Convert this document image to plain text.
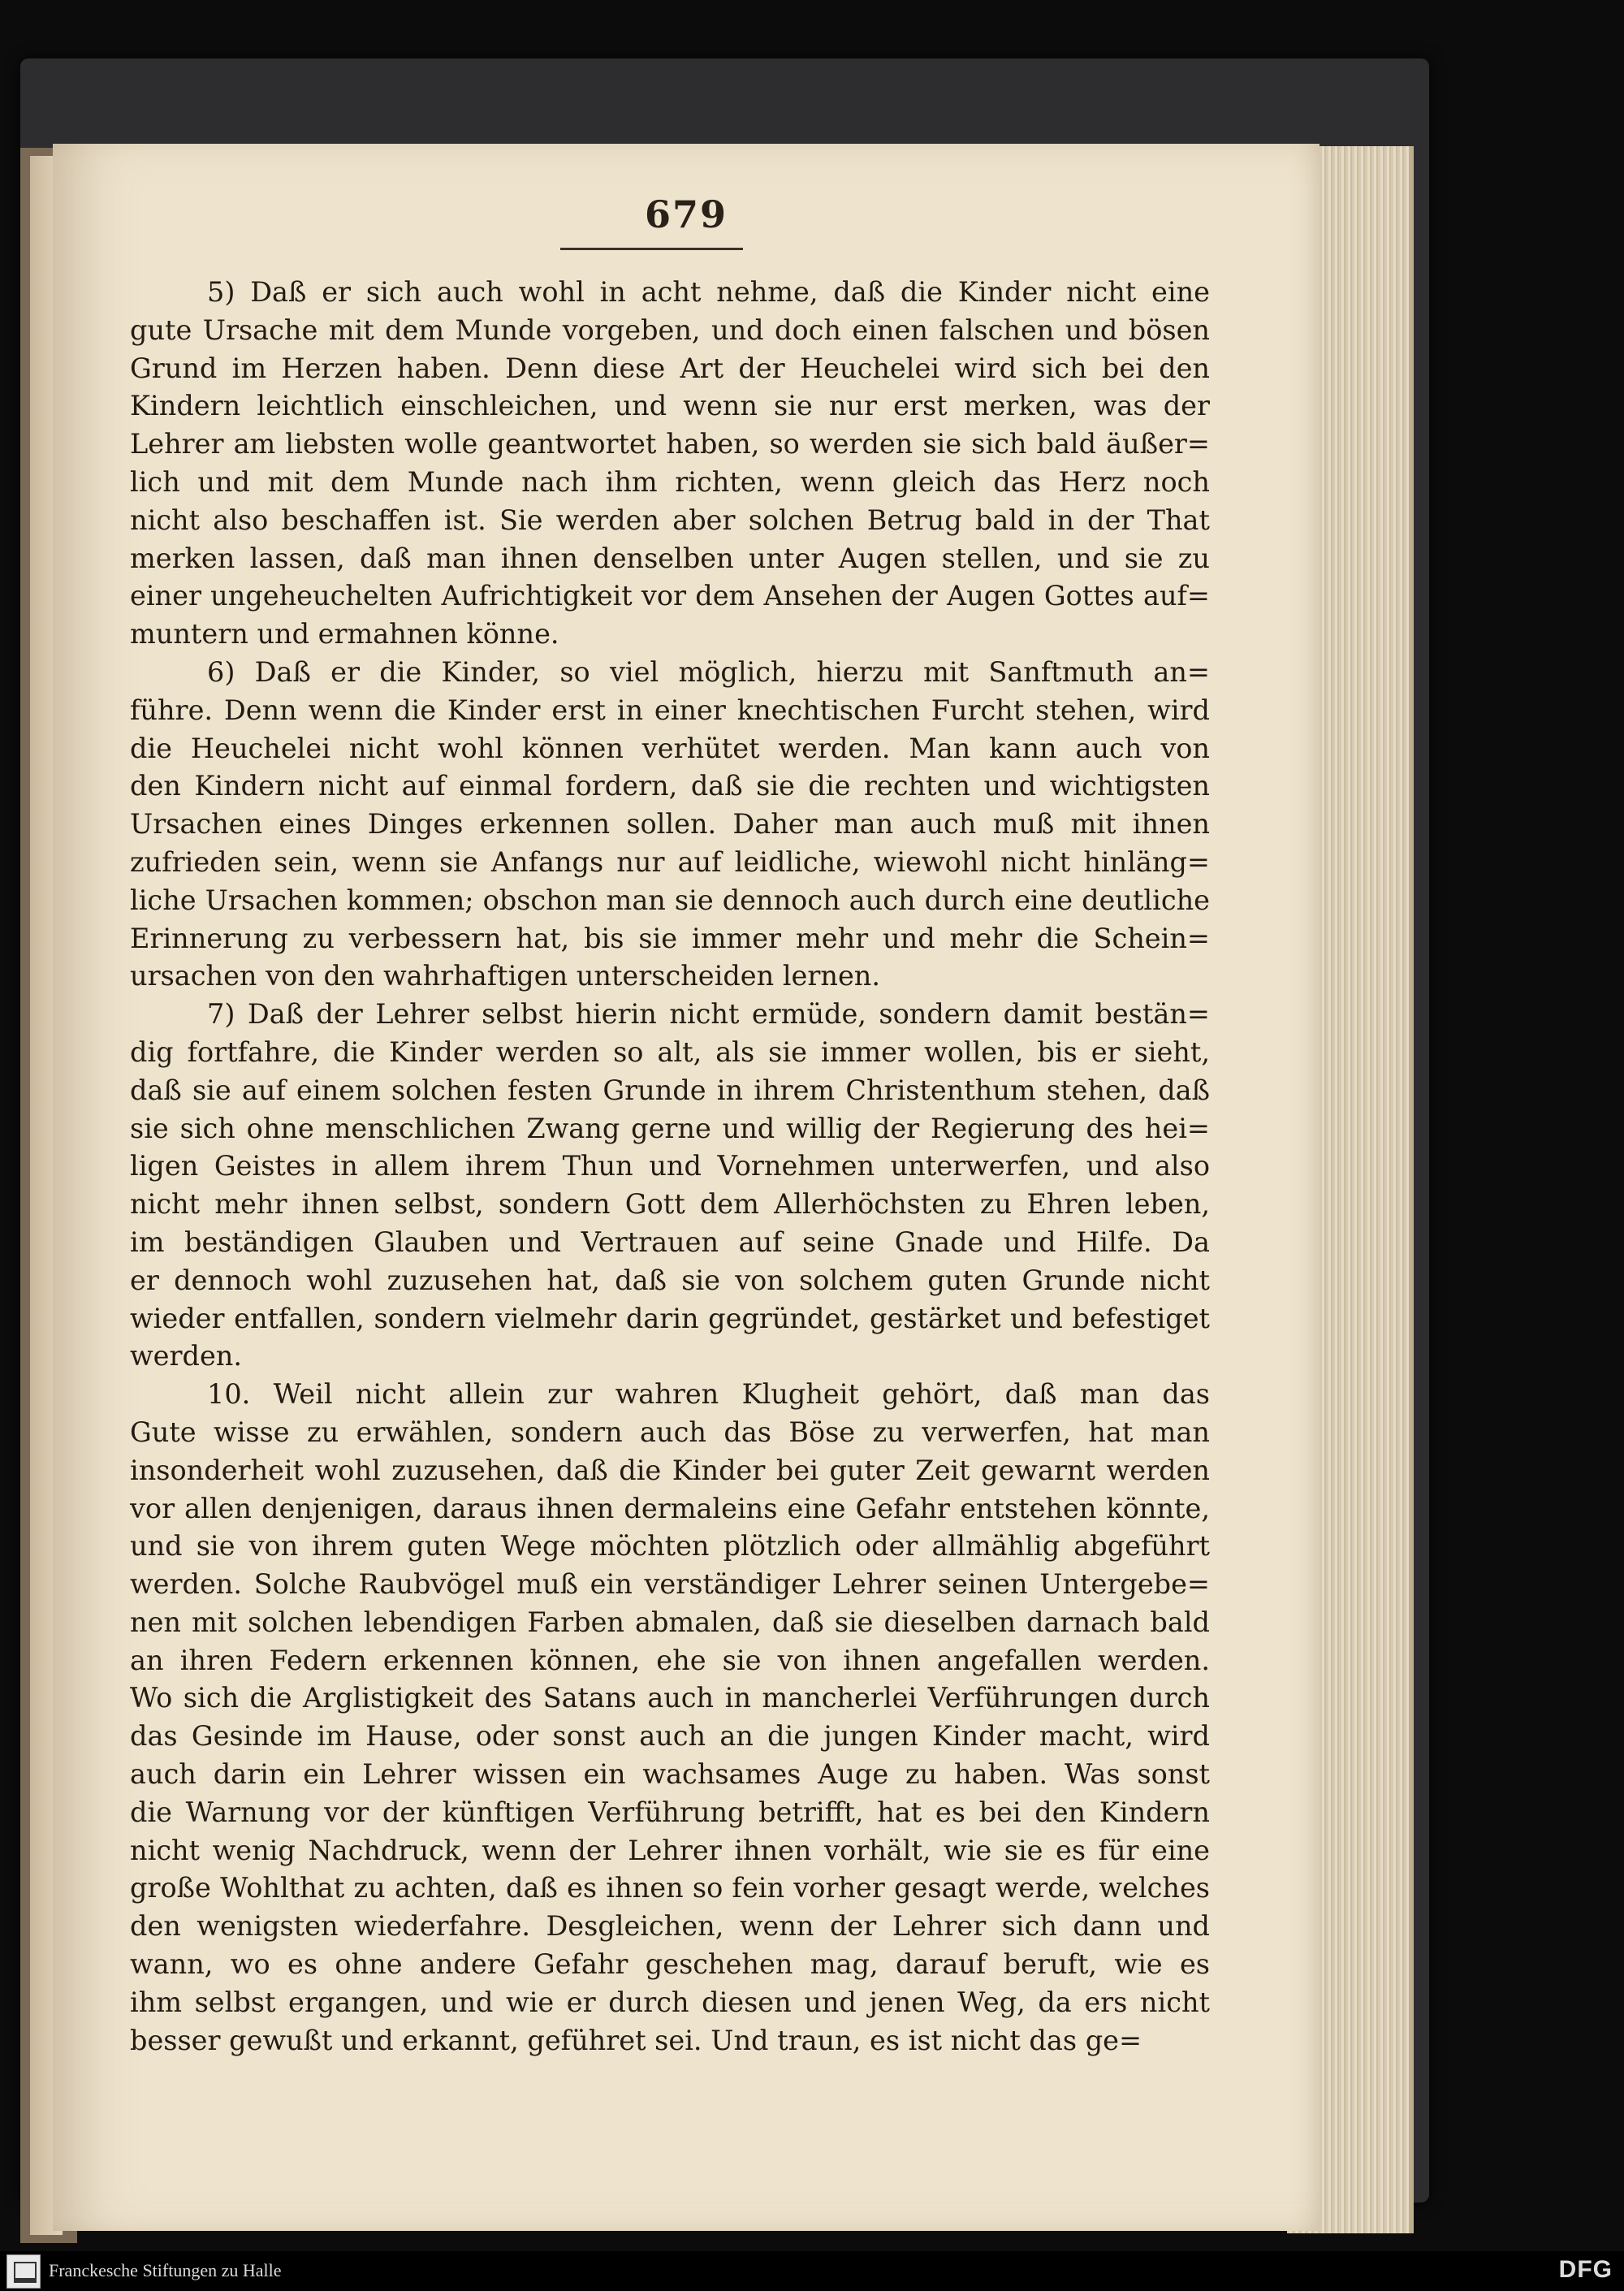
679
5) Daß er sich auch wohl in acht nehme, daß die Kinder nicht eine
gute Ursache mit dem Munde vorgeben, und doch einen falschen und bösen
Grund im Herzen haben. Denn diese Art der Heuchelei wird sich bei den
Kindern leichtlich einschleichen, und wenn sie nur erst merken, was der
Lehrer am liebsten wolle geantwortet haben, so werden sie sich bald äußer=
lich und mit dem Munde nach ihm richten, wenn gleich das Herz noch
nicht also beschaffen ist. Sie werden aber solchen Betrug bald in der That
merken lassen, daß man ihnen denselben unter Augen stellen, und sie zu
einer ungeheuchelten Aufrichtigkeit vor dem Ansehen der Augen Gottes auf=
muntern und ermahnen könne.
6) Daß er die Kinder, so viel möglich, hierzu mit Sanftmuth an=
führe. Denn wenn die Kinder erst in einer knechtischen Furcht stehen, wird
die Heuchelei nicht wohl können verhütet werden. Man kann auch von
den Kindern nicht auf einmal fordern, daß sie die rechten und wichtigsten
Ursachen eines Dinges erkennen sollen. Daher man auch muß mit ihnen
zufrieden sein, wenn sie Anfangs nur auf leidliche, wiewohl nicht hinläng=
liche Ursachen kommen; obschon man sie dennoch auch durch eine deutliche
Erinnerung zu verbessern hat, bis sie immer mehr und mehr die Schein=
ursachen von den wahrhaftigen unterscheiden lernen.
7) Daß der Lehrer selbst hierin nicht ermüde, sondern damit bestän=
dig fortfahre, die Kinder werden so alt, als sie immer wollen, bis er sieht,
daß sie auf einem solchen festen Grunde in ihrem Christenthum stehen, daß
sie sich ohne menschlichen Zwang gerne und willig der Regierung des hei=
ligen Geistes in allem ihrem Thun und Vornehmen unterwerfen, und also
nicht mehr ihnen selbst, sondern Gott dem Allerhöchsten zu Ehren leben,
im beständigen Glauben und Vertrauen auf seine Gnade und Hilfe. Da
er dennoch wohl zuzusehen hat, daß sie von solchem guten Grunde nicht
wieder entfallen, sondern vielmehr darin gegründet, gestärket und befestiget
werden.
10. Weil nicht allein zur wahren Klugheit gehört, daß man das
Gute wisse zu erwählen, sondern auch das Böse zu verwerfen, hat man
insonderheit wohl zuzusehen, daß die Kinder bei guter Zeit gewarnt werden
vor allen denjenigen, daraus ihnen dermaleins eine Gefahr entstehen könnte,
und sie von ihrem guten Wege möchten plötzlich oder allmählig abgeführt
werden. Solche Raubvögel muß ein verständiger Lehrer seinen Untergebe=
nen mit solchen lebendigen Farben abmalen, daß sie dieselben darnach bald
an ihren Federn erkennen können, ehe sie von ihnen angefallen werden.
Wo sich die Arglistigkeit des Satans auch in mancherlei Verführungen durch
das Gesinde im Hause, oder sonst auch an die jungen Kinder macht, wird
auch darin ein Lehrer wissen ein wachsames Auge zu haben. Was sonst
die Warnung vor der künftigen Verführung betrifft, hat es bei den Kindern
nicht wenig Nachdruck, wenn der Lehrer ihnen vorhält, wie sie es für eine
große Wohlthat zu achten, daß es ihnen so fein vorher gesagt werde, welches
den wenigsten wiederfahre. Desgleichen, wenn der Lehrer sich dann und
wann, wo es ohne andere Gefahr geschehen mag, darauf beruft, wie es
ihm selbst ergangen, und wie er durch diesen und jenen Weg, da ers nicht
besser gewußt und erkannt, geführet sei. Und traun, es ist nicht das ge=
Franckesche Stiftungen zu Halle	DFG
